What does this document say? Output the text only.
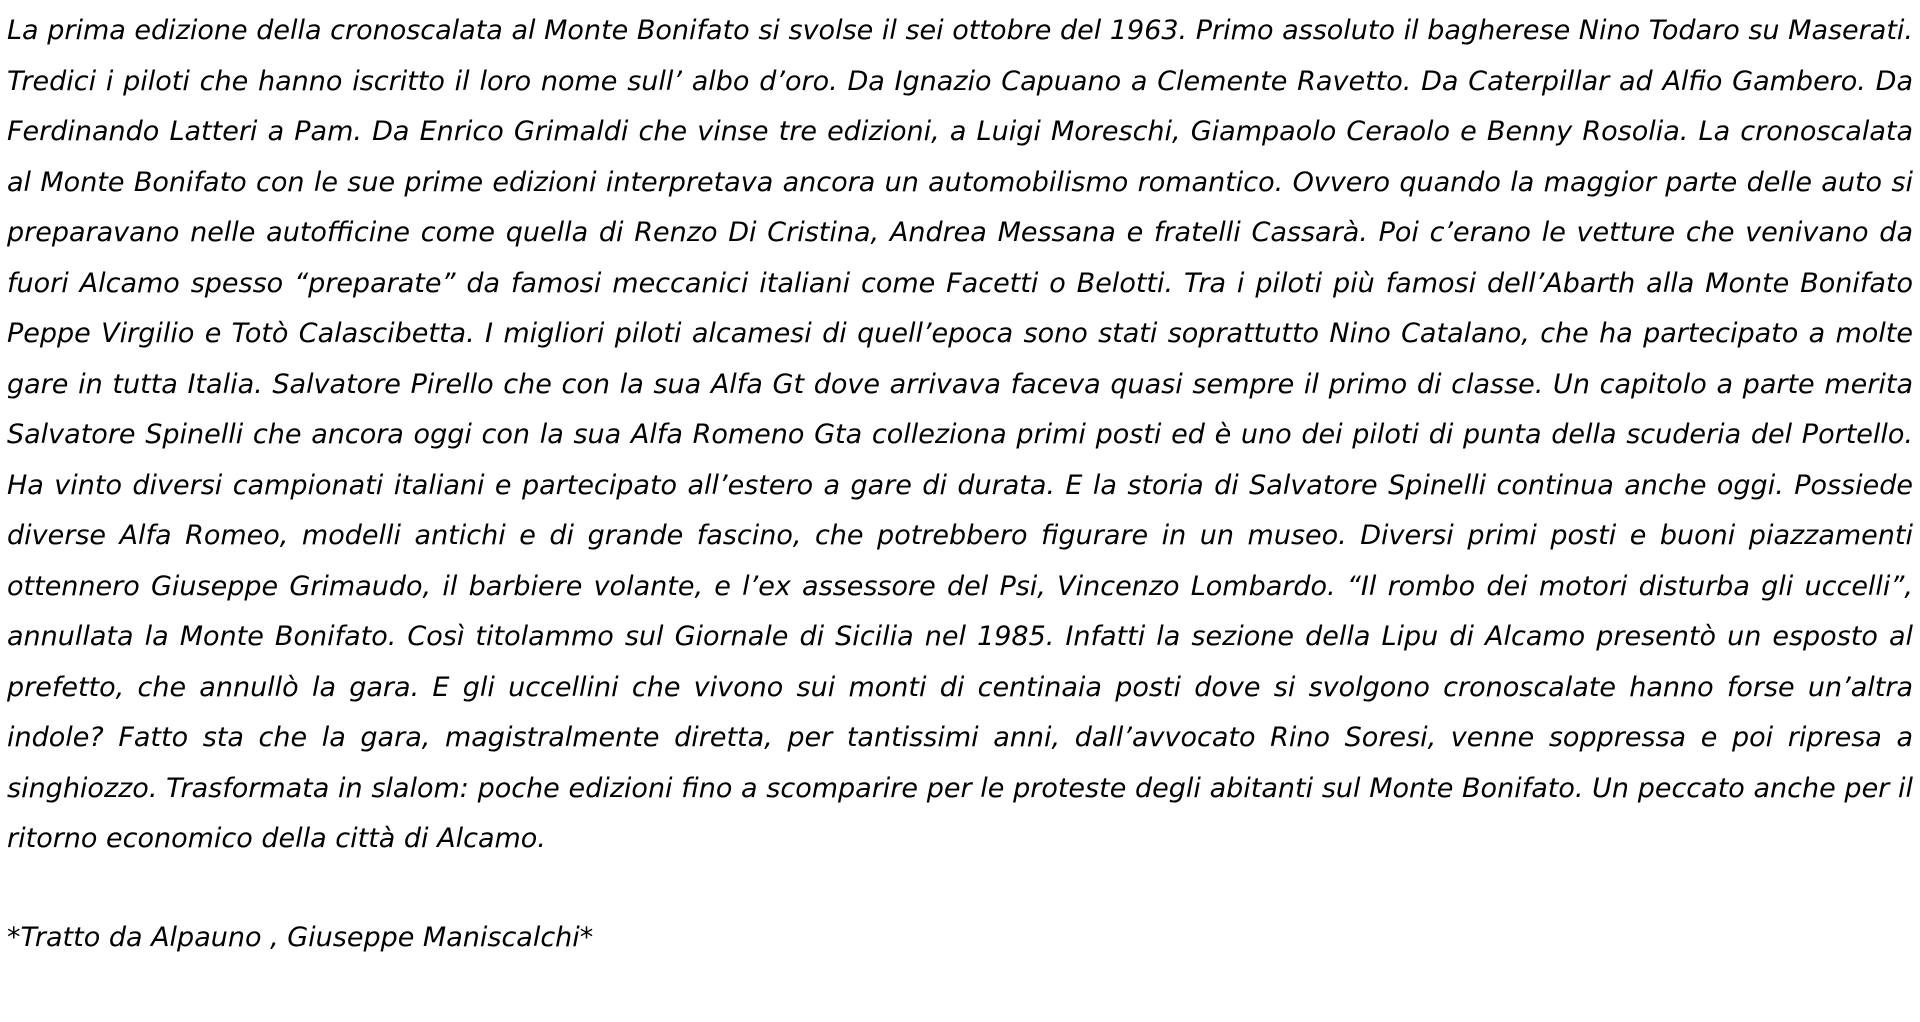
La prima edizione della cronoscalata al Monte Bonifato si svolse il sei ottobre del 1963. Primo assoluto il bagherese Nino Todaro su Maserati. Tredici i piloti che hanno iscritto il loro nome sull’ albo d’oro. Da Ignazio Capuano a Clemente Ravetto. Da Caterpillar ad Alfio Gambero. Da Ferdinando Latteri a Pam. Da Enrico Grimaldi che vinse tre edizioni, a Luigi Moreschi, Giampaolo Ceraolo e Benny Rosolia. La cronoscalata al Monte Bonifato con le sue prime edizioni interpretava ancora un automobilismo romantico. Ovvero quando la maggior parte delle auto si preparavano nelle autofficine come quella di Renzo Di Cristina, Andrea Messana e fratelli Cassarà. Poi c’erano le vetture che venivano da fuori Alcamo spesso “preparate” da famosi meccanici italiani come Facetti o Belotti. Tra i piloti più famosi dell’Abarth alla Monte Bonifato Peppe Virgilio e Totò Calascibetta. I migliori piloti alcamesi di quell’epoca sono stati soprattutto Nino Catalano, che ha partecipato a molte gare in tutta Italia. Salvatore Pirello che con la sua Alfa Gt dove arrivava faceva quasi sempre il primo di classe. Un capitolo a parte merita Salvatore Spinelli che ancora oggi con la sua Alfa Romeno Gta colleziona primi posti ed è uno dei piloti di punta della scuderia del Portello. Ha vinto diversi campionati italiani e partecipato all’estero a gare di durata. E la storia di Salvatore Spinelli continua anche oggi. Possiede diverse Alfa Romeo, modelli antichi e di grande fascino, che potrebbero figurare in un museo. Diversi primi posti e buoni piazzamenti ottennero Giuseppe Grimaudo, il barbiere volante, e l’ex assessore del Psi, Vincenzo Lombardo. “Il rombo dei motori disturba gli uccelli”, annullata la Monte Bonifato. Così titolammo sul Giornale di Sicilia nel 1985. Infatti la sezione della Lipu di Alcamo presentò un esposto al prefetto, che annullò la gara. E gli uccellini che vivono sui monti di centinaia posti dove si svolgono cronoscalate hanno forse un’altra indole? Fatto sta che la gara, magistralmente diretta, per tantissimi anni, dall’avvocato Rino Soresi, venne soppressa e poi ripresa a singhiozzo. Trasformata in slalom: poche edizioni fino a scomparire per le proteste degli abitanti sul Monte Bonifato. Un peccato anche per il ritorno economico della città di Alcamo.

*Tratto da Alpauno , Giuseppe Maniscalchi*
